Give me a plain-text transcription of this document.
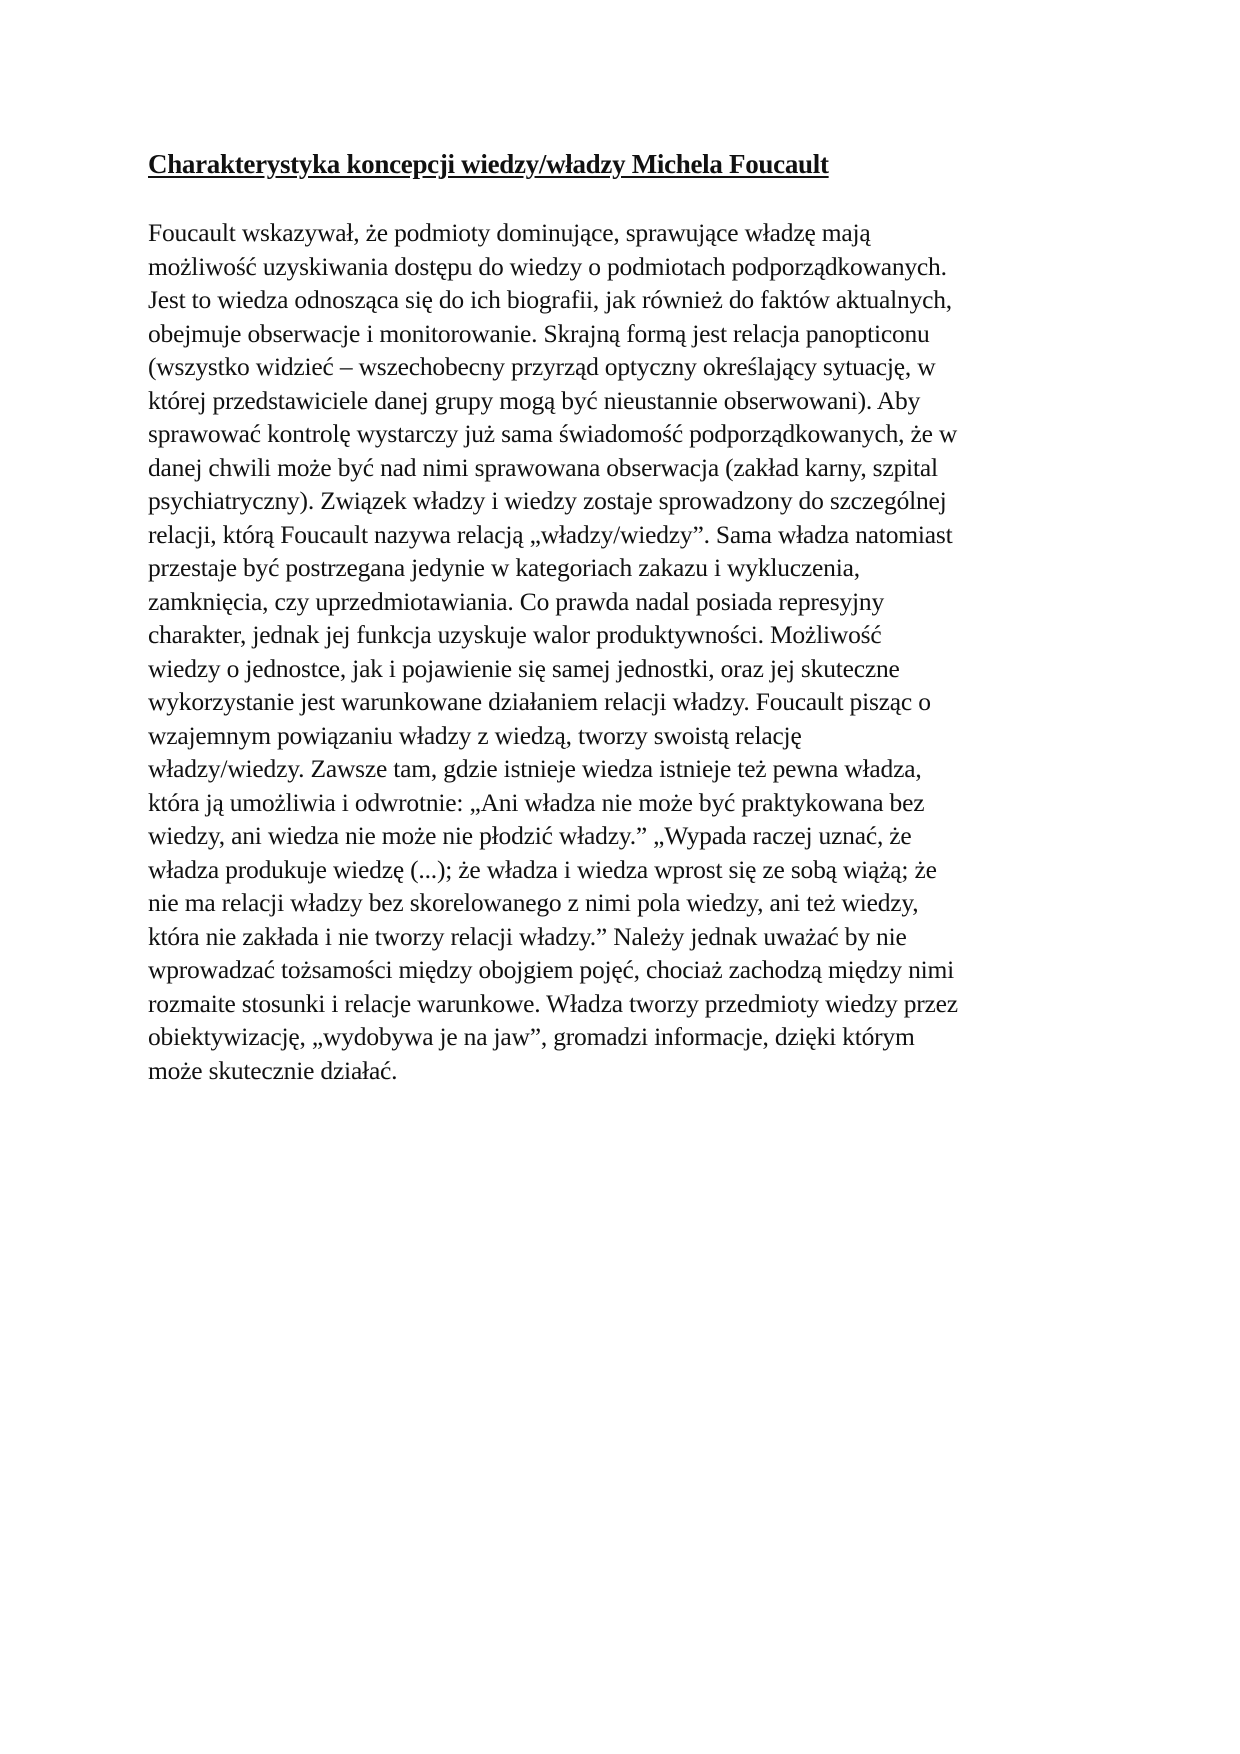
Charakterystyka koncepcji wiedzy/władzy Michela Foucault
Foucault wskazywał, że podmioty dominujące, sprawujące władzę mają
możliwość uzyskiwania dostępu do wiedzy o podmiotach podporządkowanych.
Jest to wiedza odnosząca się do ich biografii, jak również do faktów aktualnych,
obejmuje obserwacje i monitorowanie. Skrajną formą jest relacja panopticonu
(wszystko widzieć – wszechobecny przyrząd optyczny określający sytuację, w
której przedstawiciele danej grupy mogą być nieustannie obserwowani). Aby
sprawować kontrolę wystarczy już sama świadomość podporządkowanych, że w
danej chwili może być nad nimi sprawowana obserwacja (zakład karny, szpital
psychiatryczny). Związek władzy i wiedzy zostaje sprowadzony do szczególnej
relacji, którą Foucault nazywa relacją „władzy/wiedzy”. Sama władza natomiast
przestaje być postrzegana jedynie w kategoriach zakazu i wykluczenia,
zamknięcia, czy uprzedmiotawiania. Co prawda nadal posiada represyjny
charakter, jednak jej funkcja uzyskuje walor produktywności. Możliwość
wiedzy o jednostce, jak i pojawienie się samej jednostki, oraz jej skuteczne
wykorzystanie jest warunkowane działaniem relacji władzy. Foucault pisząc o
wzajemnym powiązaniu władzy z wiedzą, tworzy swoistą relację
władzy/wiedzy. Zawsze tam, gdzie istnieje wiedza istnieje też pewna władza,
która ją umożliwia i odwrotnie: „Ani władza nie może być praktykowana bez
wiedzy, ani wiedza nie może nie płodzić władzy.” „Wypada raczej uznać, że
władza produkuje wiedzę (...); że władza i wiedza wprost się ze sobą wiążą; że
nie ma relacji władzy bez skorelowanego z nimi pola wiedzy, ani też wiedzy,
która nie zakłada i nie tworzy relacji władzy.” Należy jednak uważać by nie
wprowadzać tożsamości między obojgiem pojęć, chociaż zachodzą między nimi
rozmaite stosunki i relacje warunkowe. Władza tworzy przedmioty wiedzy przez
obiektywizację, „wydobywa je na jaw”, gromadzi informacje, dzięki którym
może skutecznie działać.
